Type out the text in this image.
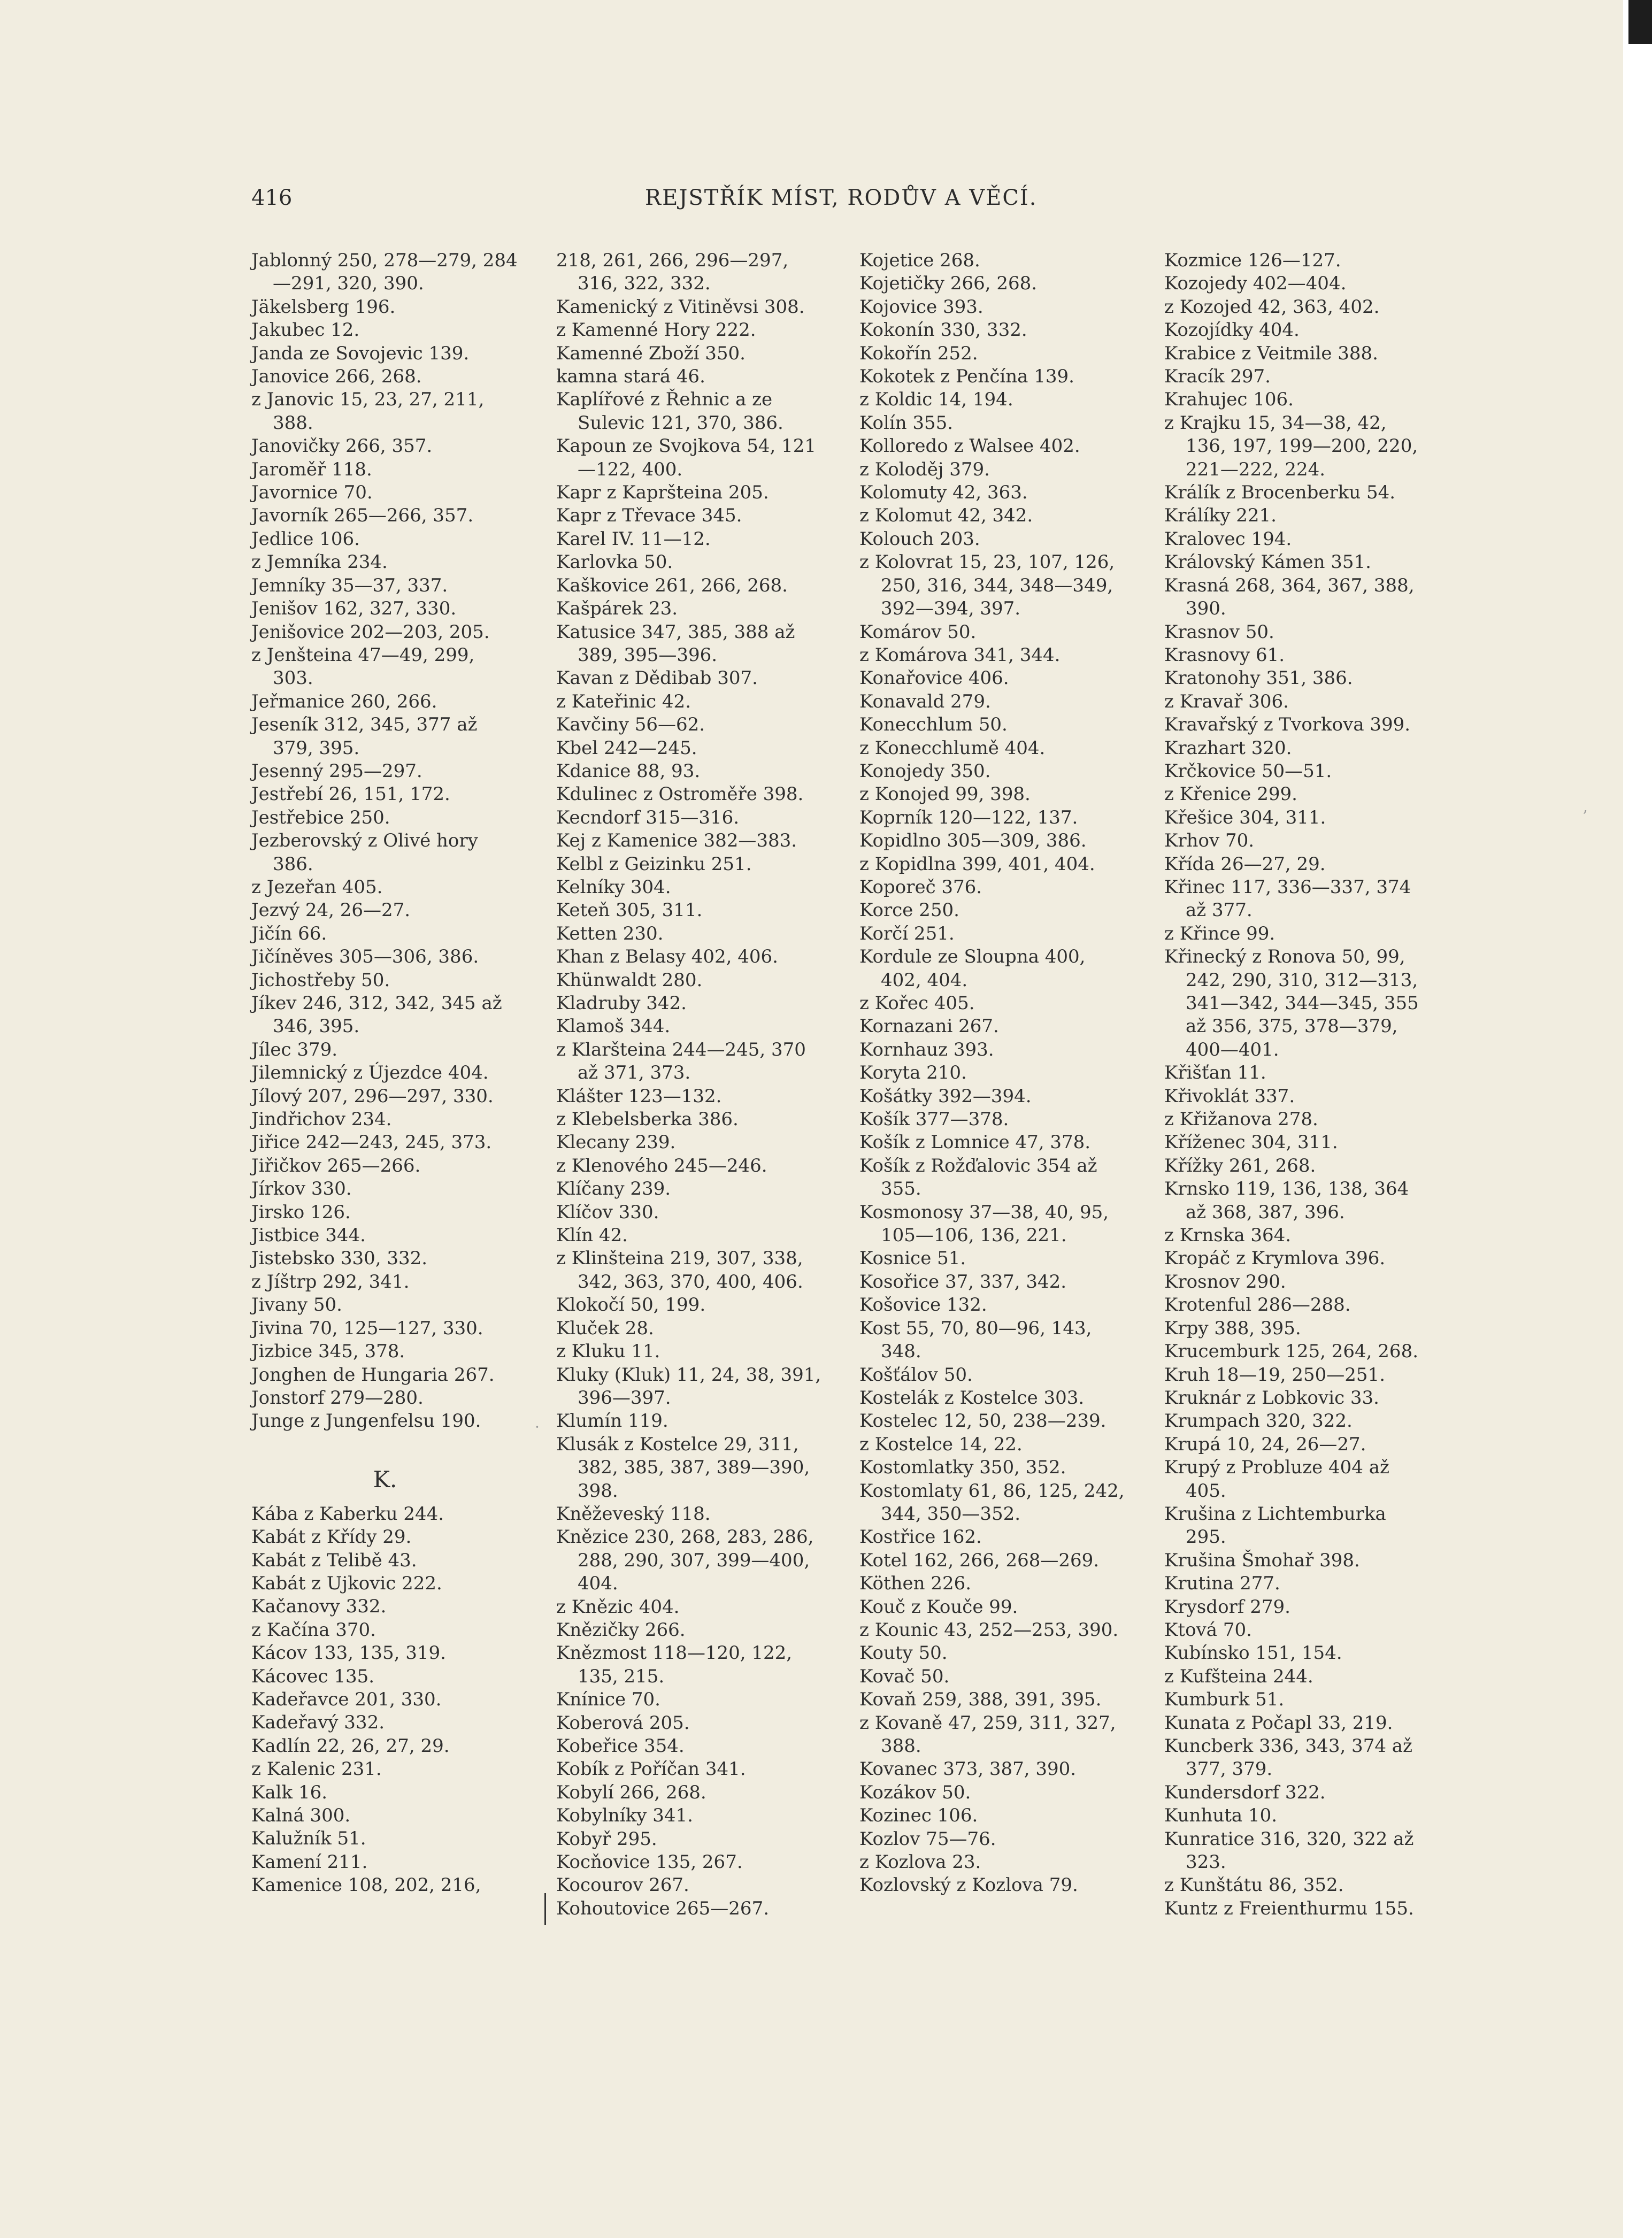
416	REJSTŘÍK MÍST, RODŮV A VĚCÍ.
Jablonný 250, 278—279, 284—291, 320, 390.
Jäkelsberg 196.
Jakubec 12.
Janda ze Sovojevic 139.
Janovice 266, 268.
z Janovic 15, 23, 27, 211, 388.
Janovičky 266, 357.
Jaroměř 118.
Javornice 70.
Javorník 265—266, 357.
Jedlice 106.
z Jemníka 234.
Jemníky 35—37, 337.
Jenišov 162, 327, 330.
Jenišovice 202—203, 205.
z Jenšteina 47—49, 299, 303.
Jeřmanice 260, 266.
Jeseník 312, 345, 377 až 379, 395.
Jesenný 295—297.
Jestřebí 26, 151, 172.
Jestřebice 250.
Jezberovský z Olivé hory 386.
z Jezeřan 405.
Jezvý 24, 26—27.
Jičín 66.
Jičíněves 305—306, 386.
Jichostřeby 50.
Jíkev 246, 312, 342, 345 až 346, 395.
Jílec 379.
Jilemnický z Újezdce 404.
Jílový 207, 296—297, 330.
Jindřichov 234.
Jiřice 242—243, 245, 373.
Jiřičkov 265—266.
Jírkov 330.
Jirsko 126.
Jistbice 344.
Jistebsko 330, 332.
z Jíštrp 292, 341.
Jivany 50.
Jivina 70, 125—127, 330.
Jizbice 345, 378.
Jonghen de Hungaria 267.
Jonstorf 279—280.
Junge z Jungenfelsu 190.
K.
Kába z Kaberku 244.
Kabát z Křídy 29.
Kabát z Telibě 43.
Kabát z Ujkovic 222.
Kačanovy 332.
z Kačína 370.
Kácov 133, 135, 319.
Kácovec 135.
Kadeřavce 201, 330.
Kadeřavý 332.
Kadlín 22, 26, 27, 29.
z Kalenic 231.
Kalk 16.
Kalná 300.
Kalužník 51.
Kamení 211.
Kamenice 108, 202, 216,
218, 261, 266, 296—297, 316, 322, 332.
Kamenický z Vitiněvsi 308.
z Kamenné Hory 222.
Kamenné Zboží 350.
kamna stará 46.
Kaplířové z Řehnic a ze Sulevic 121, 370, 386.
Kapoun ze Svojkova 54, 121—122, 400.
Kapr z Kapršteina 205.
Kapr z Třevace 345.
Karel IV. 11—12.
Karlovka 50.
Kaškovice 261, 266, 268.
Kašpárek 23.
Katusice 347, 385, 388 až 389, 395—396.
Kavan z Dědibab 307.
z Kateřinic 42.
Kavčiny 56—62.
Kbel 242—245.
Kdanice 88, 93.
Kdulinec z Ostroměře 398.
Kecndorf 315—316.
Kej z Kamenice 382—383.
Kelbl z Geizinku 251.
Kelníky 304.
Keteň 305, 311.
Ketten 230.
Khan z Belasy 402, 406.
Khünwaldt 280.
Kladruby 342.
Klamoš 344.
z Klaršteina 244—245, 370 až 371, 373.
Klášter 123—132.
z Klebelsberka 386.
Klecany 239.
z Klenového 245—246.
Klíčany 239.
Klíčov 330.
Klín 42.
z Klinšteina 219, 307, 338, 342, 363, 370, 400, 406.
Klokočí 50, 199.
Kluček 28.
z Kluku 11.
Kluky (Kluk) 11, 24, 38, 391, 396—397.
Klumín 119.
Klusák z Kostelce 29, 311, 382, 385, 387, 389—390, 398.
Kněževeský 118.
Knězice 230, 268, 283, 286, 288, 290, 307, 399—400, 404.
z Knězic 404.
Knězičky 266.
Knězmost 118—120, 122, 135, 215.
Knínice 70.
Koberová 205.
Kobeřice 354.
Kobík z Poříčan 341.
Kobylí 266, 268.
Kobylníky 341.
Kobyř 295.
Kocňovice 135, 267.
Kocourov 267.
Kohoutovice 265—267.
Kojetice 268.
Kojetičky 266, 268.
Kojovice 393.
Kokonín 330, 332.
Kokořín 252.
Kokotek z Penčína 139.
z Koldic 14, 194.
Kolín 355.
Kolloredo z Walsee 402.
z Koloděj 379.
Kolomuty 42, 363.
z Kolomut 42, 342.
Kolouch 203.
z Kolovrat 15, 23, 107, 126, 250, 316, 344, 348—349, 392—394, 397.
Komárov 50.
z Komárova 341, 344.
Konařovice 406.
Konavald 279.
Konecchlum 50.
z Konecchlumě 404.
Konojedy 350.
z Konojed 99, 398.
Koprník 120—122, 137.
Kopidlno 305—309, 386.
z Kopidlna 399, 401, 404.
Koporeč 376.
Korce 250.
Korčí 251.
Kordule ze Sloupna 400, 402, 404.
z Kořec 405.
Kornazani 267.
Kornhauz 393.
Koryta 210.
Košátky 392—394.
Košík 377—378.
Košík z Lomnice 47, 378.
Košík z Rožďalovic 354 až 355.
Kosmonosy 37—38, 40, 95, 105—106, 136, 221.
Kosnice 51.
Kosořice 37, 337, 342.
Košovice 132.
Kost 55, 70, 80—96, 143, 348.
Košťálov 50.
Kostelák z Kostelce 303.
Kostelec 12, 50, 238—239.
z Kostelce 14, 22.
Kostomlatky 350, 352.
Kostomlaty 61, 86, 125, 242, 344, 350—352.
Kostřice 162.
Kotel 162, 266, 268—269.
Köthen 226.
Kouč z Kouče 99.
z Kounic 43, 252—253, 390.
Kouty 50.
Kovač 50.
Kovaň 259, 388, 391, 395.
z Kovaně 47, 259, 311, 327, 388.
Kovanec 373, 387, 390.
Kozákov 50.
Kozinec 106.
Kozlov 75—76.
z Kozlova 23.
Kozlovský z Kozlova 79.
Kozmice 126—127.
Kozojedy 402—404.
z Kozojed 42, 363, 402.
Kozojídky 404.
Krabice z Veitmile 388.
Kracík 297.
Krahujec 106.
z Krajku 15, 34—38, 42, 136, 197, 199—200, 220, 221—222, 224.
Králík z Brocenberku 54.
Králíky 221.
Kralovec 194.
Královský Kámen 351.
Krasná 268, 364, 367, 388, 390.
Krasnov 50.
Krasnovy 61.
Kratonohy 351, 386.
z Kravař 306.
Kravařský z Tvorkova 399.
Krazhart 320.
Krčkovice 50—51.
z Křenice 299.
Křešice 304, 311.
Krhov 70.
Křída 26—27, 29.
Křinec 117, 336—337, 374 až 377.
z Křince 99.
Křinecký z Ronova 50, 99, 242, 290, 310, 312—313, 341—342, 344—345, 355 až 356, 375, 378—379, 400—401.
Křišťan 11.
Křivoklát 337.
z Křižanova 278.
Kříženec 304, 311.
Křížky 261, 268.
Krnsko 119, 136, 138, 364 až 368, 387, 396.
z Krnska 364.
Kropáč z Krymlova 396.
Krosnov 290.
Krotenful 286—288.
Krpy 388, 395.
Krucemburk 125, 264, 268.
Kruh 18—19, 250—251.
Kruknár z Lobkovic 33.
Krumpach 320, 322.
Krupá 10, 24, 26—27.
Krupý z Probluze 404 až 405.
Krušina z Lichtemburka 295.
Krušina Šmohař 398.
Krutina 277.
Krysdorf 279.
Ktová 70.
Kubínsko 151, 154.
z Kufšteina 244.
Kumburk 51.
Kunata z Počapl 33, 219.
Kuncberk 336, 343, 374 až 377, 379.
Kundersdorf 322.
Kunhuta 10.
Kunratice 316, 320, 322 až 323.
z Kunštátu 86, 352.
Kuntz z Freienthurmu 155.
·
,
